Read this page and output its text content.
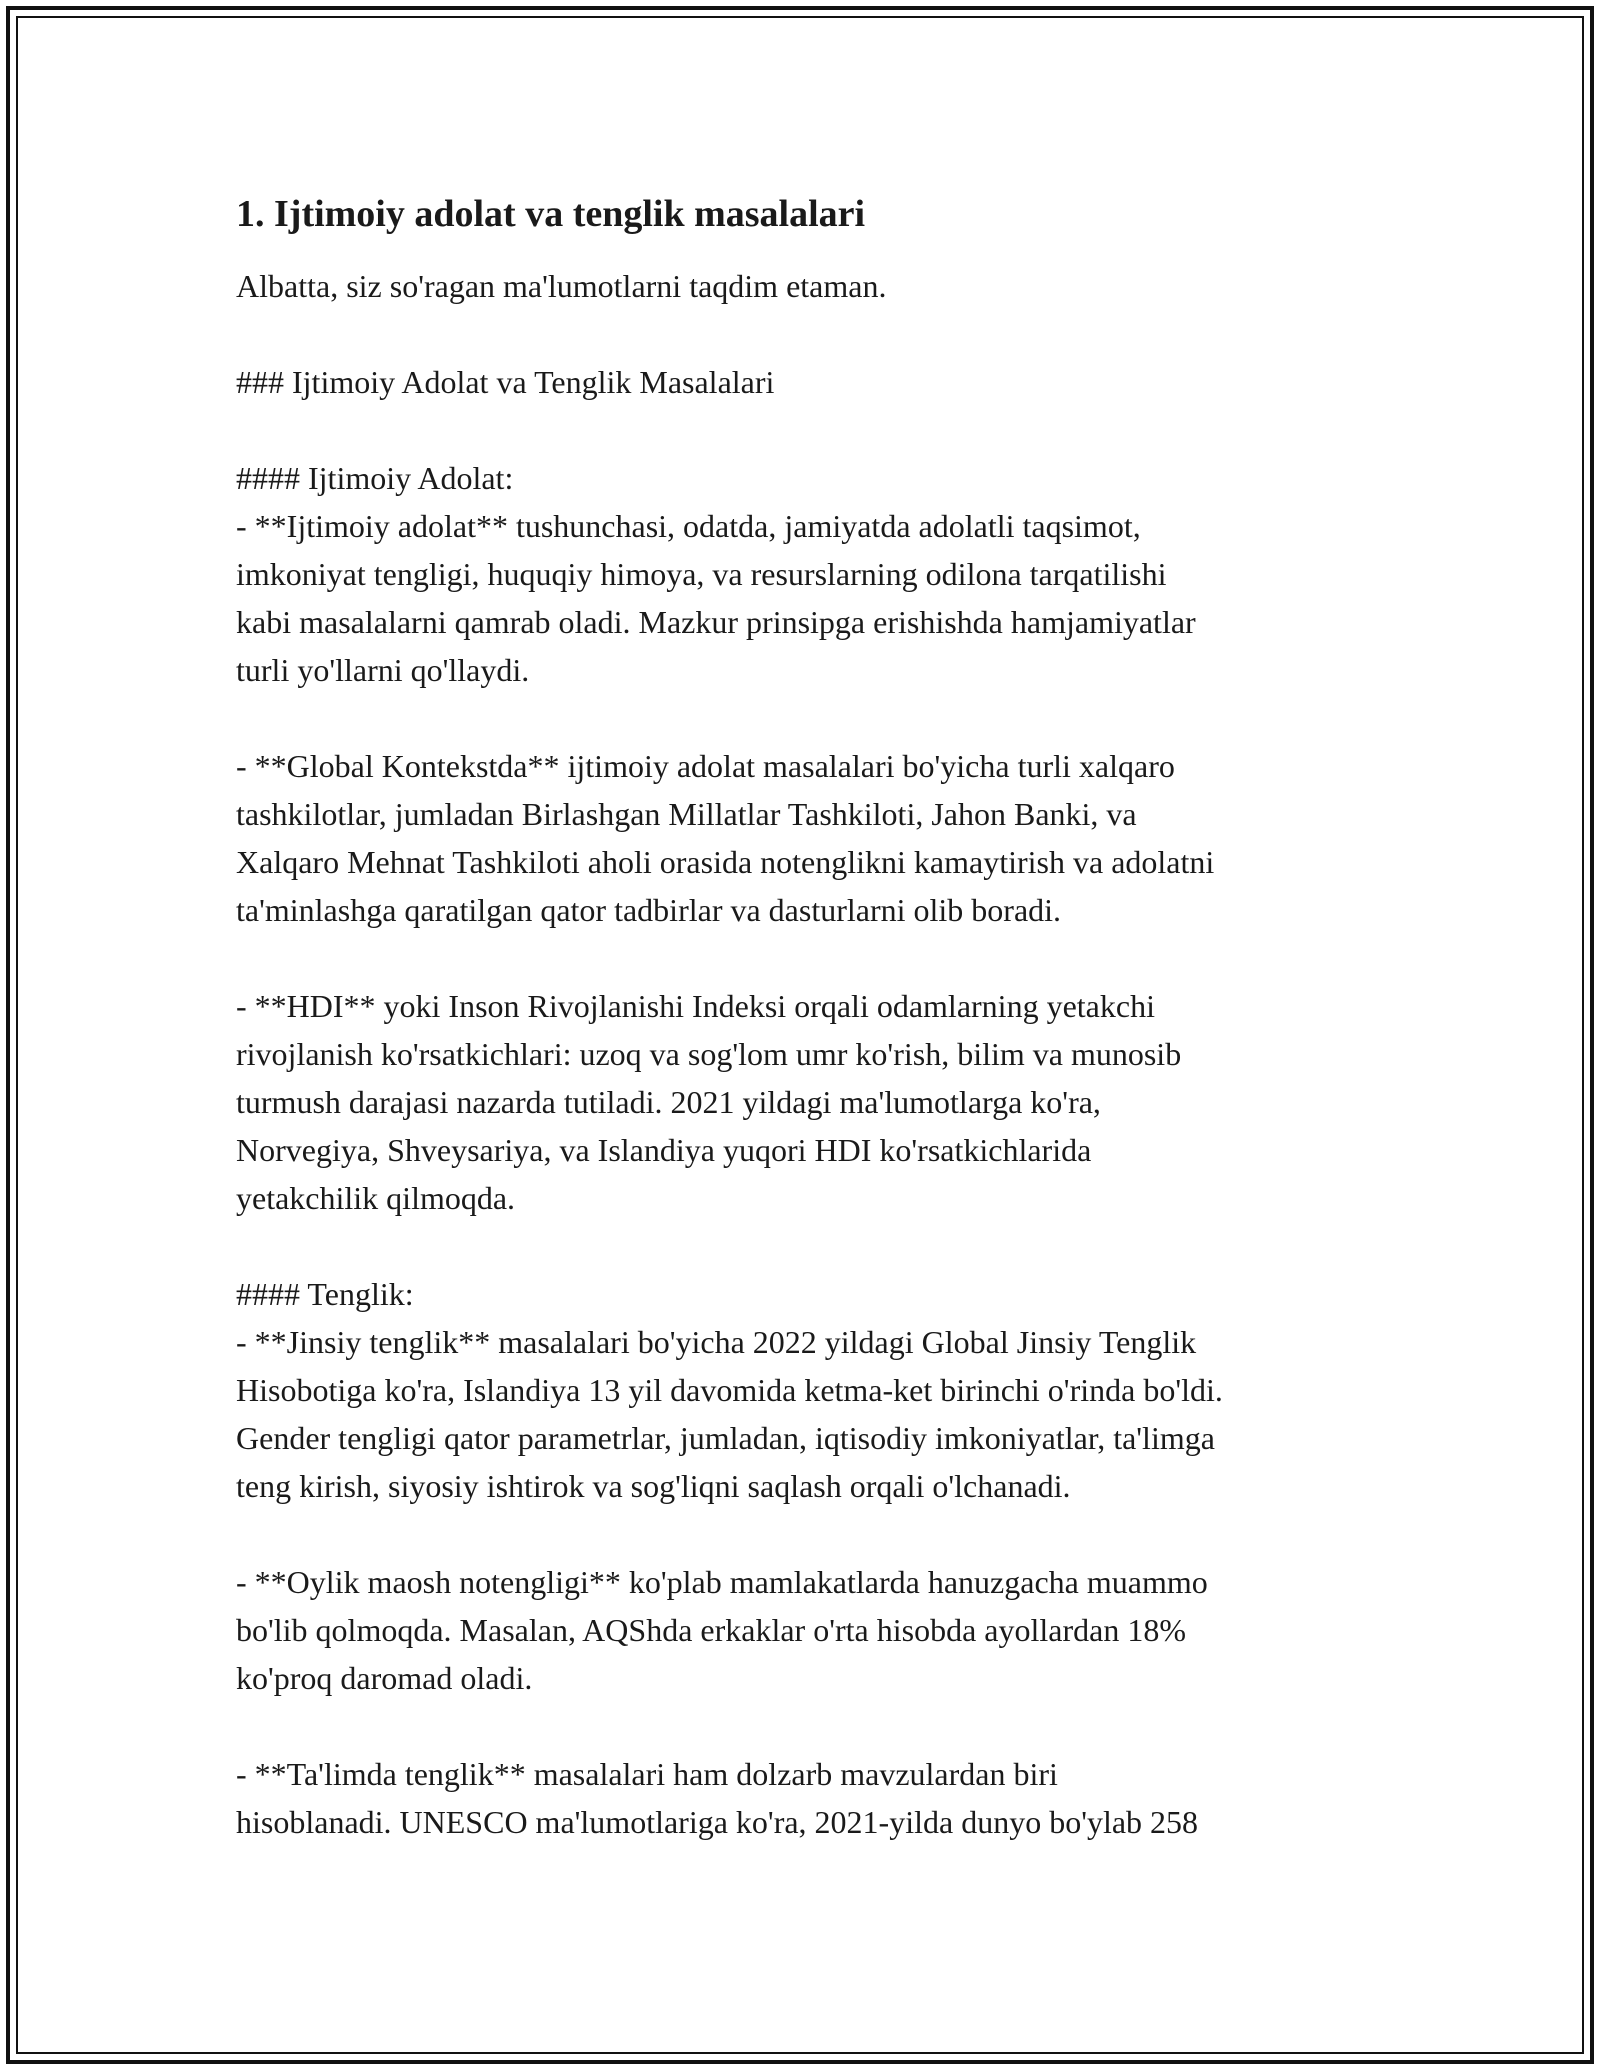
1. Ijtimoiy adolat va tenglik masalalari

Albatta, siz so'ragan ma'lumotlarni taqdim etaman.

### Ijtimoiy Adolat va Tenglik Masalalari

#### Ijtimoiy Adolat:
- **Ijtimoiy adolat** tushunchasi, odatda, jamiyatda adolatli taqsimot,
imkoniyat tengligi, huquqiy himoya, va resurslarning odilona tarqatilishi
kabi masalalarni qamrab oladi. Mazkur prinsipga erishishda hamjamiyatlar
turli yo'llarni qo'llaydi.

- **Global Kontekstda** ijtimoiy adolat masalalari bo'yicha turli xalqaro
tashkilotlar, jumladan Birlashgan Millatlar Tashkiloti, Jahon Banki, va
Xalqaro Mehnat Tashkiloti aholi orasida notenglikni kamaytirish va adolatni
ta'minlashga qaratilgan qator tadbirlar va dasturlarni olib boradi.

- **HDI** yoki Inson Rivojlanishi Indeksi orqali odamlarning yetakchi
rivojlanish ko'rsatkichlari: uzoq va sog'lom umr ko'rish, bilim va munosib
turmush darajasi nazarda tutiladi. 2021 yildagi ma'lumotlarga ko'ra,
Norvegiya, Shveysariya, va Islandiya yuqori HDI ko'rsatkichlarida
yetakchilik qilmoqda.

#### Tenglik:
- **Jinsiy tenglik** masalalari bo'yicha 2022 yildagi Global Jinsiy Tenglik
Hisobotiga ko'ra, Islandiya 13 yil davomida ketma-ket birinchi o'rinda bo'ldi.
Gender tengligi qator parametrlar, jumladan, iqtisodiy imkoniyatlar, ta'limga
teng kirish, siyosiy ishtirok va sog'liqni saqlash orqali o'lchanadi.

- **Oylik maosh notengligi** ko'plab mamlakatlarda hanuzgacha muammo
bo'lib qolmoqda. Masalan, AQShda erkaklar o'rta hisobda ayollardan 18%
ko'proq daromad oladi.

- **Ta'limda tenglik** masalalari ham dolzarb mavzulardan biri
hisoblanadi. UNESCO ma'lumotlariga ko'ra, 2021-yilda dunyo bo'ylab 258
